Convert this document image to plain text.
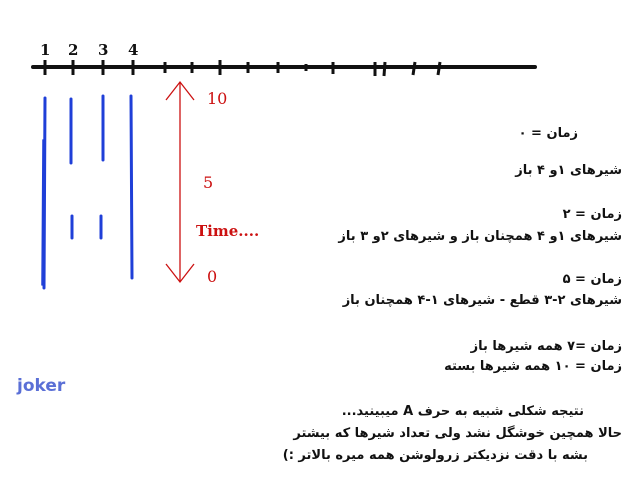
1 2 3 4
10
5
Time....
0
زمان = ۰
شیرهای ۱و ۴ باز
زمان = ۲
شیرهای ۱و ۴ همچنان باز و شیرهای ۲و ۳ باز
زمان = ۵
شیرهای ۲-۳ قطع - شیرهای ۱-۴ همچنان باز
زمان =۷ همه شیرها باز
زمان = ۱۰ همه شیرها بسته
joker
نتیجه شکلی شبیه به حرف A میبینید...
حالا همچین خوشگل نشد ولی تعداد شیرها که بیشتر
بشه با دقت نزدیکتر زرولوشن همه میره بالاتر :)
